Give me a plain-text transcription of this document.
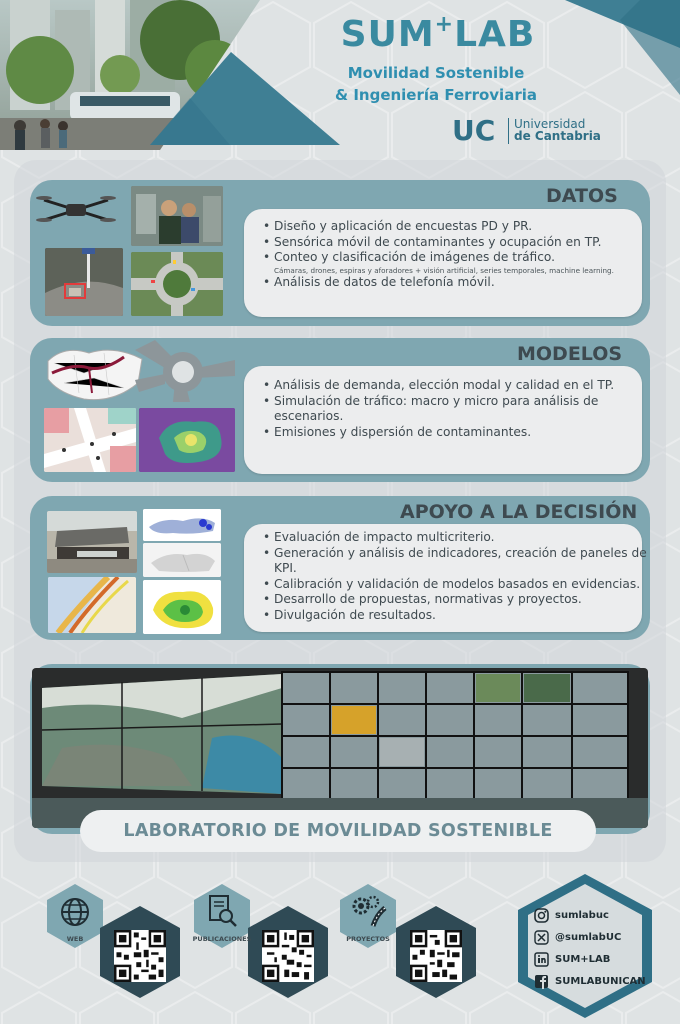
SUM+LAB
Movilidad Sostenible
& Ingeniería Ferroviaria
UC Universidad
de Cantabria
DATOS
• Diseño y aplicación de encuestas PD y PR.
• Sensórica móvil de contaminantes y ocupación en TP.
• Conteo y clasificación de imágenes de tráfico.
Cámaras, drones, espiras y aforadores + visión artificial, series temporales, machine learning.
• Análisis de datos de telefonía móvil.
MODELOS
• Análisis de demanda, elección modal y calidad en el TP.
• Simulación de tráfico: macro y micro para análisis de escenarios.
• Emisiones y dispersión de contaminantes.
APOYO A LA DECISIÓN
• Evaluación de impacto multicriterio.
• Generación y análisis de indicadores, creación de paneles de KPI.
• Calibración y validación de modelos basados en evidencias.
• Desarrollo de propuestas, normativas y proyectos.
• Divulgación de resultados.
LABORATORIO DE MOVILIDAD SOSTENIBLE
WEB	PUBLICACIONES	PROYECTOS
sumlabuc
@sumlabUC
SUM+LAB
SUMLABUNICAN
